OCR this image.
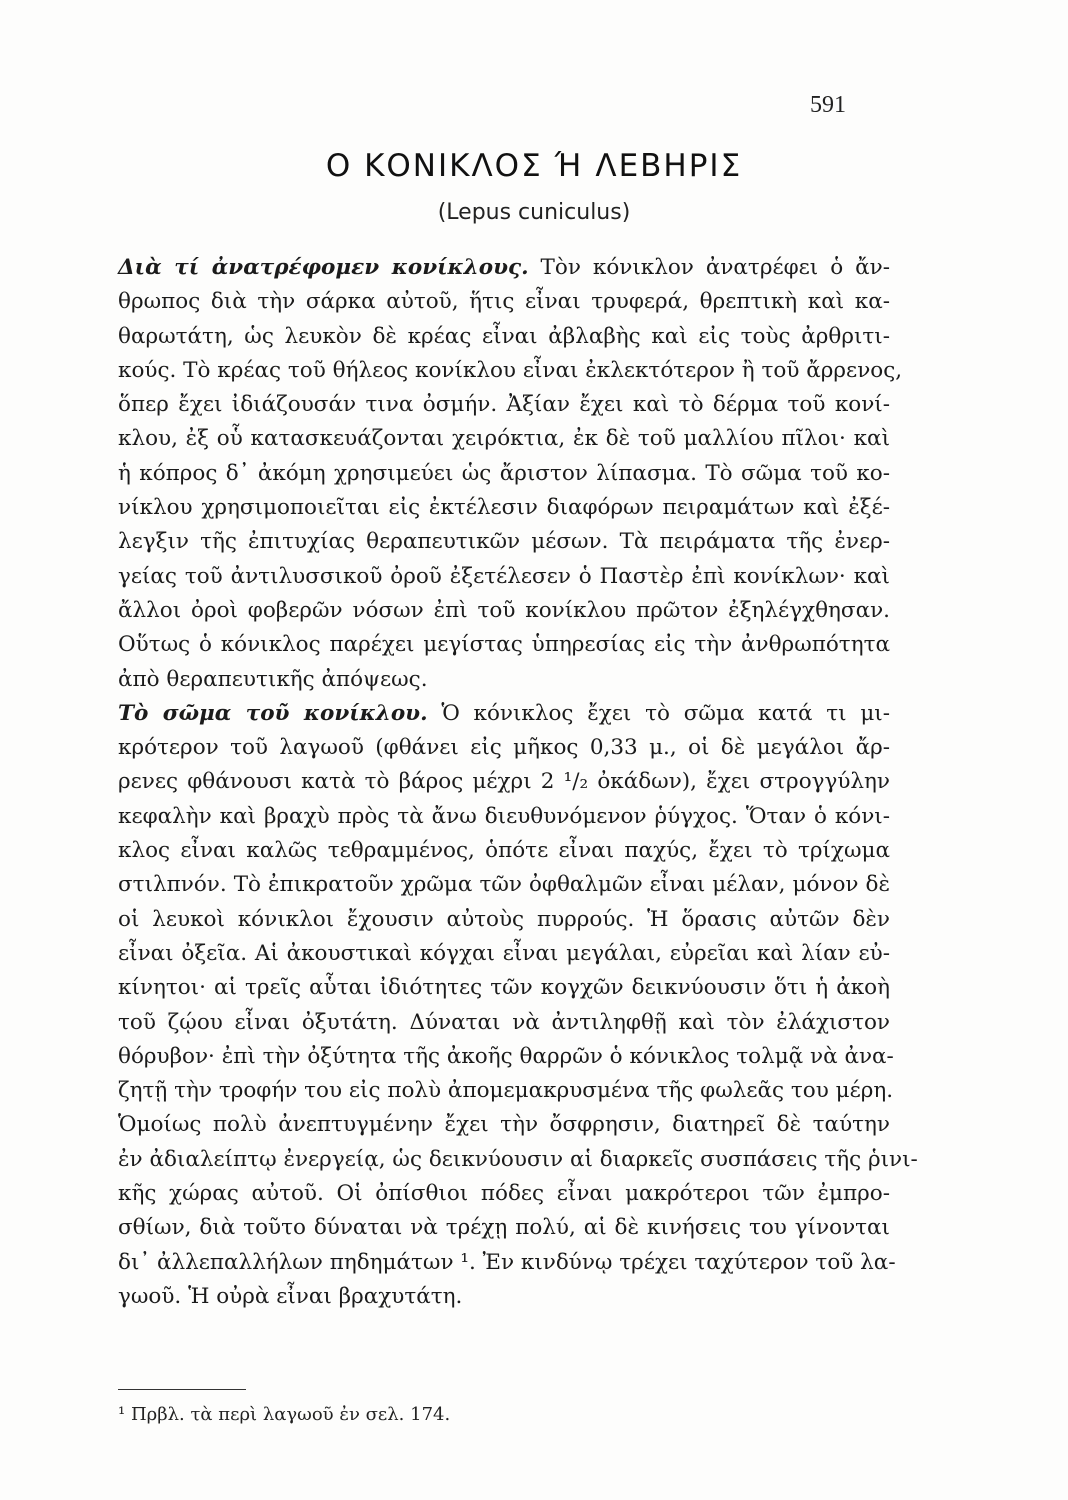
591
Ο ΚΟΝΙΚΛΟΣ Ή ΛΕΒΗΡΙΣ
(Lepus cuniculus)
Διὰ τί ἀνατρέφομεν κονίκλους. Τὸν κόνικλον ἀνατρέφει ὁ ἄν-
θρωπος διὰ τὴν σάρκα αὐτοῦ, ἥτις εἶναι τρυφερά, θρεπτικὴ καὶ κα-
θαρωτάτη, ὡς λευκὸν δὲ κρέας εἶναι ἀβλαβὴς καὶ εἰς τοὺς ἀρθριτι-
κούς. Τὸ κρέας τοῦ θήλεος κονίκλου εἶναι ἐκλεκτότερον ἢ τοῦ ἄρρενος,
ὅπερ ἔχει ἰδιάζουσάν τινα ὀσμήν. Ἀξίαν ἔχει καὶ τὸ δέρμα τοῦ κονί-
κλου, ἐξ οὗ κατασκευάζονται χειρόκτια, ἐκ δὲ τοῦ μαλλίου πῖλοι· καὶ
ἡ κόπρος δ᾽ ἀκόμη χρησιμεύει ὡς ἄριστον λίπασμα. Τὸ σῶμα τοῦ κο-
νίκλου χρησιμοποιεῖται εἰς ἐκτέλεσιν διαφόρων πειραμάτων καὶ ἐξέ-
λεγξιν τῆς ἐπιτυχίας θεραπευτικῶν μέσων. Τὰ πειράματα τῆς ἐνερ-
γείας τοῦ ἀντιλυσσικοῦ ὀροῦ ἐξετέλεσεν ὁ Παστὲρ ἐπὶ κονίκλων· καὶ
ἄλλοι ὀροὶ φοβερῶν νόσων ἐπὶ τοῦ κονίκλου πρῶτον ἐξηλέγχθησαν.
Οὕτως ὁ κόνικλος παρέχει μεγίστας ὑπηρεσίας εἰς τὴν ἀνθρωπότητα
ἀπὸ θεραπευτικῆς ἀπόψεως.
Τὸ σῶμα τοῦ κονίκλου. Ὁ κόνικλος ἔχει τὸ σῶμα κατά τι μι-
κρότερον τοῦ λαγωοῦ (φθάνει εἰς μῆκος 0,33 μ., οἱ δὲ μεγάλοι ἄρ-
ρενες φθάνουσι κατὰ τὸ βάρος μέχρι 2 ¹/₂ ὀκάδων), ἔχει στρογγύλην
κεφαλὴν καὶ βραχὺ πρὸς τὰ ἄνω διευθυνόμενον ῥύγχος. Ὅταν ὁ κόνι-
κλος εἶναι καλῶς τεθραμμένος, ὁπότε εἶναι παχύς, ἔχει τὸ τρίχωμα
στιλπνόν. Τὸ ἐπικρατοῦν χρῶμα τῶν ὀφθαλμῶν εἶναι μέλαν, μόνον δὲ
οἱ λευκοὶ κόνικλοι ἔχουσιν αὐτοὺς πυρρούς. Ἡ ὅρασις αὐτῶν δὲν
εἶναι ὀξεῖα. Αἱ ἀκουστικαὶ κόγχαι εἶναι μεγάλαι, εὐρεῖαι καὶ λίαν εὐ-
κίνητοι· αἱ τρεῖς αὗται ἰδιότητες τῶν κογχῶν δεικνύουσιν ὅτι ἡ ἀκοὴ
τοῦ ζῴου εἶναι ὀξυτάτη. Δύναται νὰ ἀντιληφθῇ καὶ τὸν ἐλάχιστον
θόρυβον· ἐπὶ τὴν ὀξύτητα τῆς ἀκοῆς θαρρῶν ὁ κόνικλος τολμᾷ νὰ ἀνα-
ζητῇ τὴν τροφήν του εἰς πολὺ ἀπομεμακρυσμένα τῆς φωλεᾶς του μέρη.
Ὁμοίως πολὺ ἀνεπτυγμένην ἔχει τὴν ὄσφρησιν, διατηρεῖ δὲ ταύτην
ἐν ἀδιαλείπτῳ ἐνεργείᾳ, ὡς δεικνύουσιν αἱ διαρκεῖς συσπάσεις τῆς ῥινι-
κῆς χώρας αὐτοῦ. Οἱ ὀπίσθιοι πόδες εἶναι μακρότεροι τῶν ἐμπρο-
σθίων, διὰ τοῦτο δύναται νὰ τρέχῃ πολύ, αἱ δὲ κινήσεις του γίνονται
δι᾽ ἀλλεπαλλήλων πηδημάτων ¹. Ἐν κινδύνῳ τρέχει ταχύτερον τοῦ λα-
γωοῦ. Ἡ οὐρὰ εἶναι βραχυτάτη.
¹ Πρβλ. τὰ περὶ λαγωοῦ ἐν σελ. 174.
